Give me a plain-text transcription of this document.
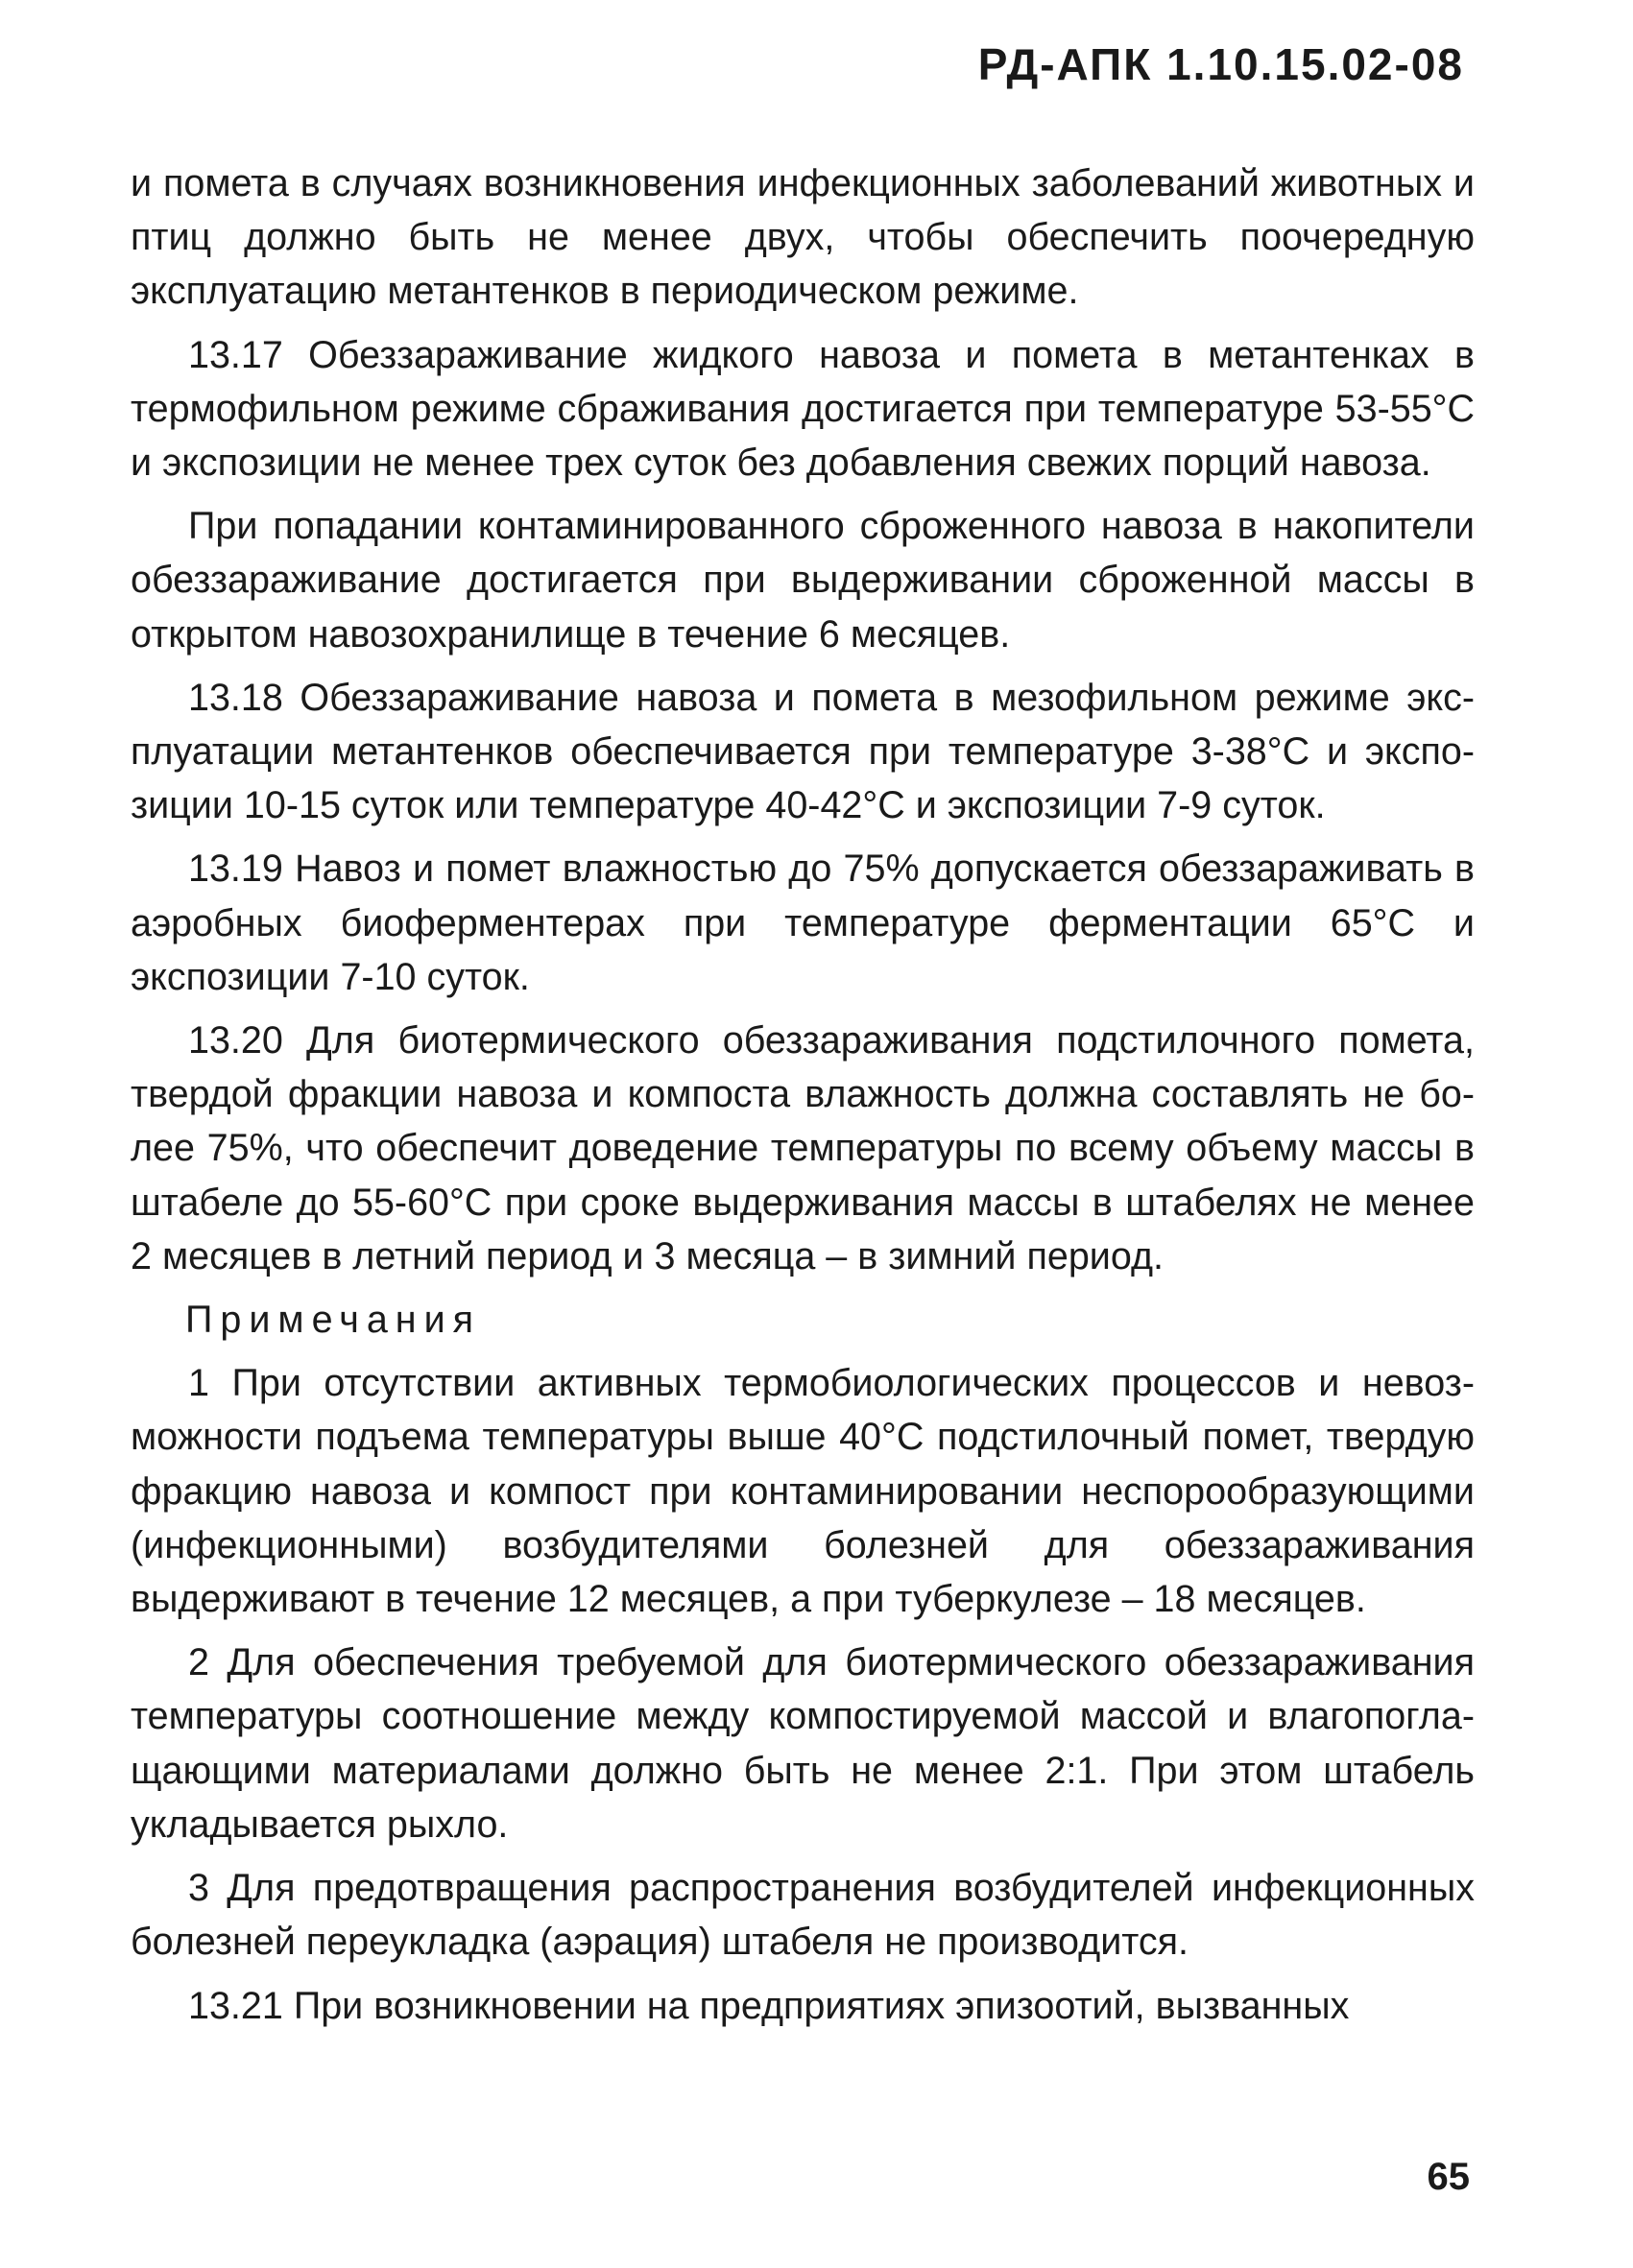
РД-АПК 1.10.15.02-08

и помета в случаях возникновения инфекционных заболеваний животных и птиц должно быть не менее двух, чтобы обеспечить поочередную эксплуатацию метантенков в периодическом режиме.

13.17 Обеззараживание жидкого навоза и помета в метантенках в термофильном режиме сбраживания достигается при температуре 53-55°С и экспозиции не менее трех суток без добавления свежих порций навоза.

При попадании контаминированного сброженного навоза в накопители обеззараживание достигается при выдерживании сброженной массы в открытом навозохранилище в течение 6 месяцев.

13.18 Обеззараживание навоза и помета в мезофильном режиме эксплуатации метантенков обеспечивается при температуре 3-38°С и экспозиции 10-15 суток или температуре 40-42°С и экспозиции 7-9 суток.

13.19 Навоз и помет влажностью до 75% допускается обеззараживать в аэробных биоферментерах при температуре ферментации 65°С и экспозиции 7-10 суток.

13.20 Для биотермического обеззараживания подстилочного помета, твердой фракции навоза и компоста влажность должна составлять не более 75%, что обеспечит доведение температуры по всему объему массы в штабеле до 55-60°С при сроке выдерживания массы в штабелях не менее 2 месяцев в летний период и 3 месяца – в зимний период.

Примечания

1 При отсутствии активных термобиологических процессов и невозможности подъема температуры выше 40°С подстилочный помет, твердую фракцию навоза и компост при контаминировании неспорообразующими (инфекционными) возбудителями болезней для обеззараживания выдерживают в течение 12 месяцев, а при туберкулезе – 18 месяцев.

2 Для обеспечения требуемой для биотермического обеззараживания температуры соотношение между компостируемой массой и влагопоглащающими материалами должно быть не менее 2:1. При этом штабель укладывается рыхло.

3 Для предотвращения распространения возбудителей инфекционных болезней переукладка (аэрация) штабеля не производится.

13.21 При возникновении на предприятиях эпизоотий, вызванных

65
